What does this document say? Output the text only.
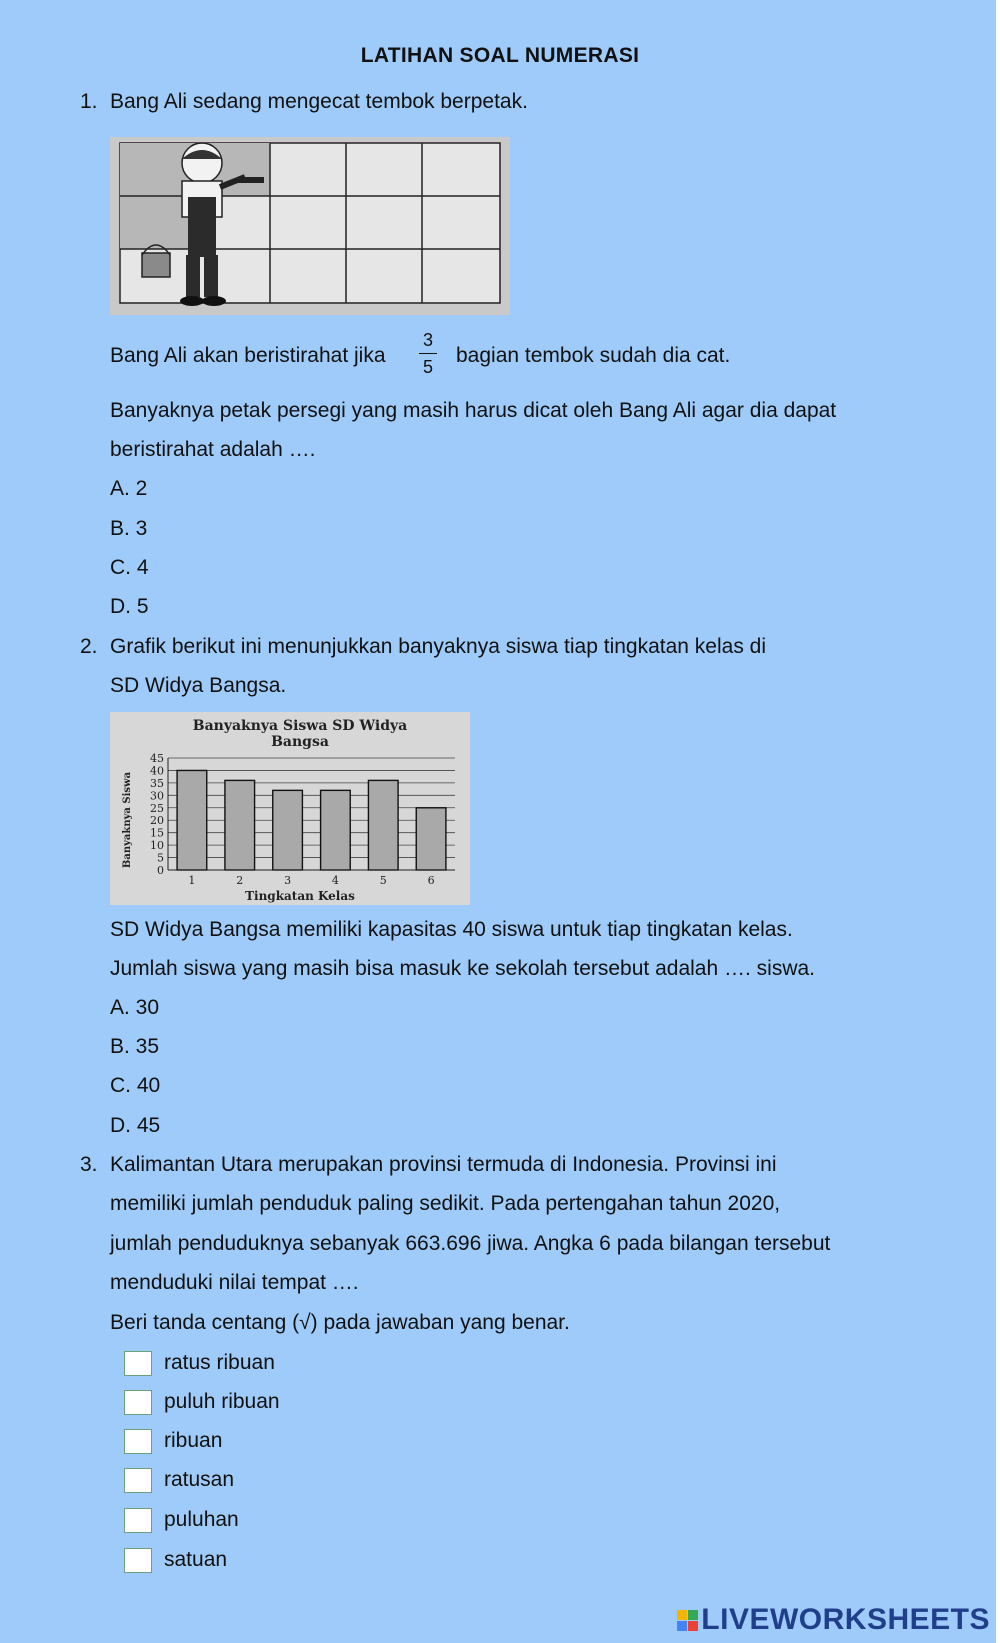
LATIHAN SOAL NUMERASI
1. Bang Ali sedang mengecat tembok berpetak.
Bang Ali akan beristirahat jika
3
5 bagian tembok sudah dia cat.
Banyaknya petak persegi yang masih harus dicat oleh Bang Ali agar dia dapat
beristirahat adalah ….
A. 2
B. 3
C. 4
D. 5
2. Grafik berikut ini menunjukkan banyaknya siswa tiap tingkatan kelas di
SD Widya Bangsa.
Banyaknya Siswa SD Widya
Bangsa
Tingkatan Kelas
Banyaknya Siswa
0
5
10
15
20
25
30
35
40
45
1	2	3	4	5	6
SD Widya Bangsa memiliki kapasitas 40 siswa untuk tiap tingkatan kelas.
Jumlah siswa yang masih bisa masuk ke sekolah tersebut adalah …. siswa.
A. 30
B. 35
C. 40
D. 45
3. Kalimantan Utara merupakan provinsi termuda di Indonesia. Provinsi ini
memiliki jumlah penduduk paling sedikit. Pada pertengahan tahun 2020,
jumlah penduduknya sebanyak 663.696 jiwa. Angka 6 pada bilangan tersebut
menduduki nilai tempat ….
Beri tanda centang (√) pada jawaban yang benar.
ratus ribuan
puluh ribuan
ribuan
ratusan
puluhan
satuan
LIVEWORKSHEETS
